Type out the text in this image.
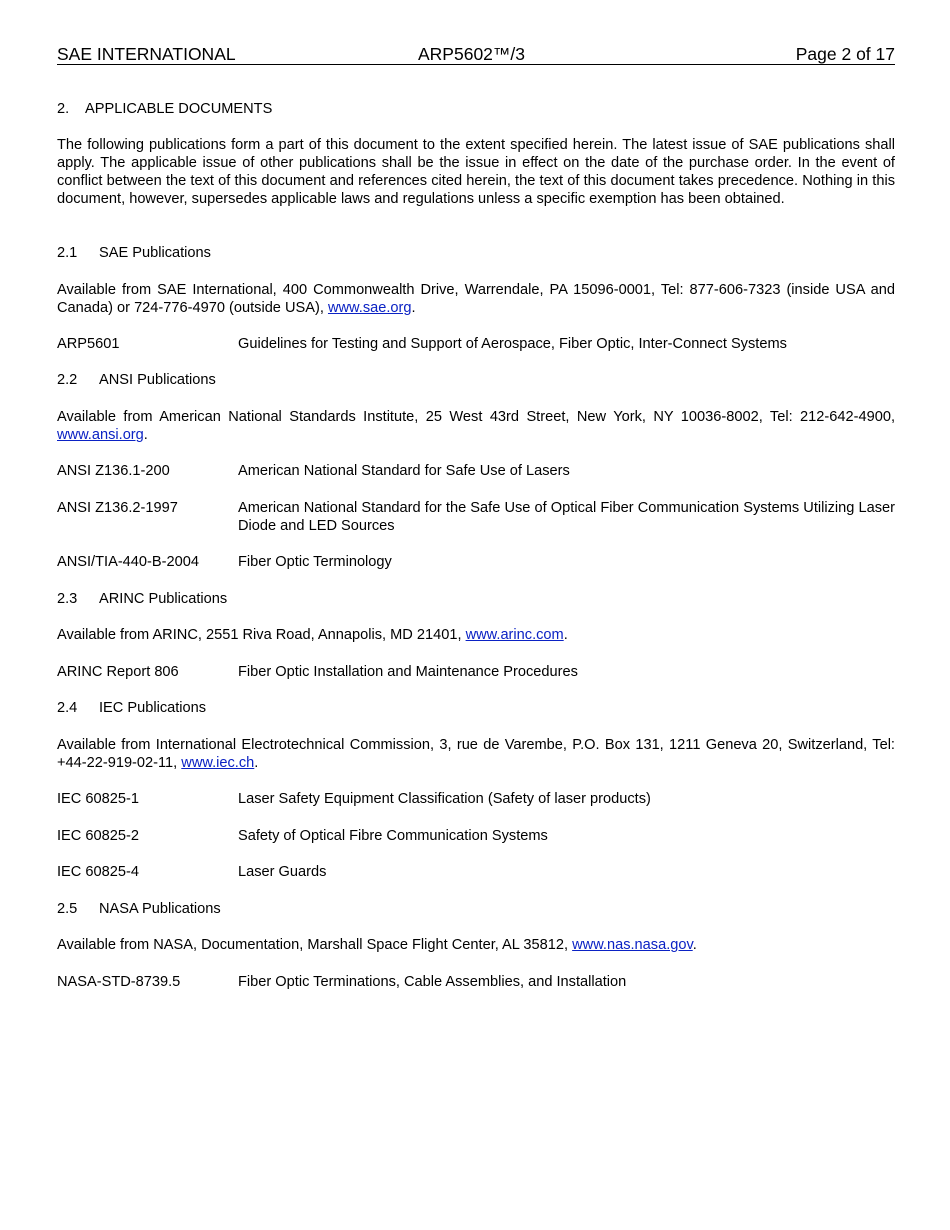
SAE INTERNATIONAL	ARP5602™/3	Page 2 of 17
2. APPLICABLE DOCUMENTS
The following publications form a part of this document to the extent specified herein. The latest issue of SAE publications shall apply. The applicable issue of other publications shall be the issue in effect on the date of the purchase order. In the event of conflict between the text of this document and references cited herein, the text of this document takes precedence. Nothing in this document, however, supersedes applicable laws and regulations unless a specific exemption has been obtained.
2.1 SAE Publications
Available from SAE International, 400 Commonwealth Drive, Warrendale, PA 15096-0001, Tel: 877-606-7323 (inside USA and Canada) or 724-776-4970 (outside USA), www.sae.org.
ARP5601	Guidelines for Testing and Support of Aerospace, Fiber Optic, Inter-Connect Systems
2.2 ANSI Publications
Available from American National Standards Institute, 25 West 43rd Street, New York, NY 10036-8002, Tel: 212-642-4900, www.ansi.org.
ANSI Z136.1-200	American National Standard for Safe Use of Lasers
ANSI Z136.2-1997	American National Standard for the Safe Use of Optical Fiber Communication Systems Utilizing Laser Diode and LED Sources
ANSI/TIA-440-B-2004	Fiber Optic Terminology
2.3 ARINC Publications
Available from ARINC, 2551 Riva Road, Annapolis, MD 21401, www.arinc.com.
ARINC Report 806	Fiber Optic Installation and Maintenance Procedures
2.4 IEC Publications
Available from International Electrotechnical Commission, 3, rue de Varembe, P.O. Box 131, 1211 Geneva 20, Switzerland, Tel: +44-22-919-02-11, www.iec.ch.
IEC 60825-1	Laser Safety Equipment Classification (Safety of laser products)
IEC 60825-2	Safety of Optical Fibre Communication Systems
IEC 60825-4	Laser Guards
2.5 NASA Publications
Available from NASA, Documentation, Marshall Space Flight Center, AL 35812, www.nas.nasa.gov.
NASA-STD-8739.5	Fiber Optic Terminations, Cable Assemblies, and Installation
